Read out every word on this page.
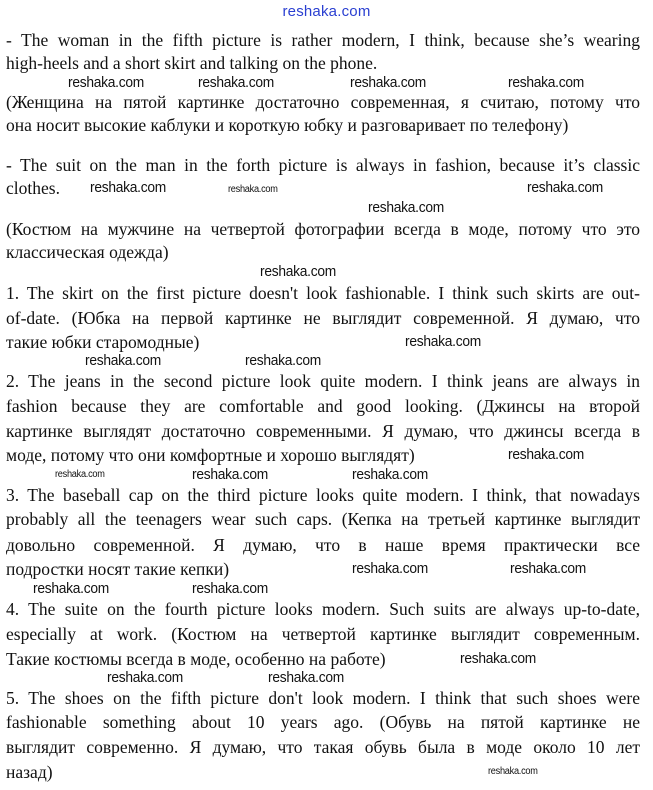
reshaka.com
- The woman in the fifth picture is rather modern, I think, because she’s wearing
high-heels and a short skirt and talking on the phone.
(Женщина на пятой картинке достаточно современная, я считаю, потому что
она носит высокие каблуки и короткую юбку и разговаривает по телефону)
- The suit on the man in the forth picture is always in fashion, because it’s classic
clothes.
(Костюм на мужчине на четвертой фотографии всегда в моде, потому что это
классическая одежда)
1. The skirt on the first picture doesn't look fashionable. I think such skirts are out-
of-date. (Юбка на первой картинке не выглядит современной. Я думаю, что
такие юбки старомодные)
2. The jeans in the second picture look quite modern. I think jeans are always in
fashion because they are comfortable and good looking. (Джинсы на второй
картинке выглядят достаточно современными. Я думаю, что джинсы всегда в
моде, потому что они комфортные и хорошо выглядят)
3. The baseball cap on the third picture looks quite modern. I think, that nowadays
probably all the teenagers wear such caps. (Кепка на третьей картинке выглядит
довольно современной. Я думаю, что в наше время практически все
подростки носят такие кепки)
4. The suite on the fourth picture looks modern. Such suits are always up-to-date,
especially at work. (Костюм на четвертой картинке выглядит современным.
Такие костюмы всегда в моде, особенно на работе)
5. The shoes on the fifth picture don't look modern. I think that such shoes were
fashionable something about 10 years ago. (Обувь на пятой картинке не
выглядит современно. Я думаю, что такая обувь была в моде около 10 лет
назад)
reshaka.com	reshaka.com	reshaka.com	reshaka.com
reshaka.com	reshaka.com	reshaka.com
reshaka.com
reshaka.com
reshaka.com
reshaka.com	reshaka.com
reshaka.com
reshaka.com	reshaka.com	reshaka.com
reshaka.com	reshaka.com
reshaka.com	reshaka.com
reshaka.com
reshaka.com	reshaka.com
reshaka.com
